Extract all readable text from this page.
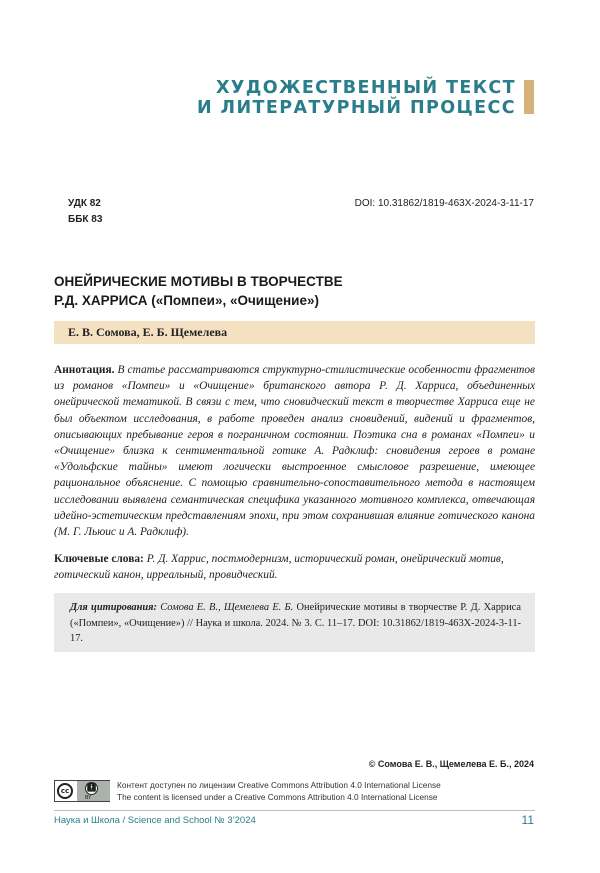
ХУДОЖЕСТВЕННЫЙ ТЕКСТ
И ЛИТЕРАТУРНЫЙ ПРОЦЕСС
УДК 82
ББК 83
DOI: 10.31862/1819-463X-2024-3-11-17
ОНЕЙРИЧЕСКИЕ МОТИВЫ В ТВОРЧЕСТВЕ
Р.Д. ХАРРИСА («Помпеи», «Очищение»)
Е. В. Сомова, Е. Б. Щемелева

Аннотация. В статье рассматриваются структурно-стилистические особенности фрагментов из романов «Помпеи» и «Очищение» британского автора Р. Д. Харриса, объединенных онейрической тематикой. В связи с тем, что сновидческий текст в творчестве Харриса еще не был объектом исследования, в работе проведен анализ сновидений, видений и фрагментов, описывающих пребывание героя в пограничном состоянии. Поэтика сна в романах «Помпеи» и «Очищение» близка к сентиментальной готике А. Радклиф: сновидения героев в романе «Удольфские тайны» имеют логически выстроенное смысловое разрешение, имеющее рациональное объяснение. С помощью сравнительно-сопоставительного метода в настоящем исследовании выявлена семантическая специфика указанного мотивного комплекса, отвечающая идейно-эстетическим представлениям эпохи, при этом сохранившая влияние готического канона (М. Г. Льюис и А. Радклиф).

Ключевые слова: Р. Д. Харрис, постмодернизм, исторический роман, онейрический мотив, готический канон, ирреальный, провидческий.

Для цитирования: Сомова Е. В., Щемелева Е. Б. Онейрические мотивы в творчестве Р. Д. Харриса («Помпеи», «Очищение») // Наука и школа. 2024. № 3. С. 11–17. DOI: 10.31862/1819-463X-2024-3-11-17.

© Сомова Е. В., Щемелева Е. Б., 2024
cc	🚹︎
BY
Контент доступен по лицензии Creative Commons Attribution 4.0 International License
The content is licensed under a Creative Commons Attribution 4.0 International License
Наука и Школа / Science and School № 3’2024	11
